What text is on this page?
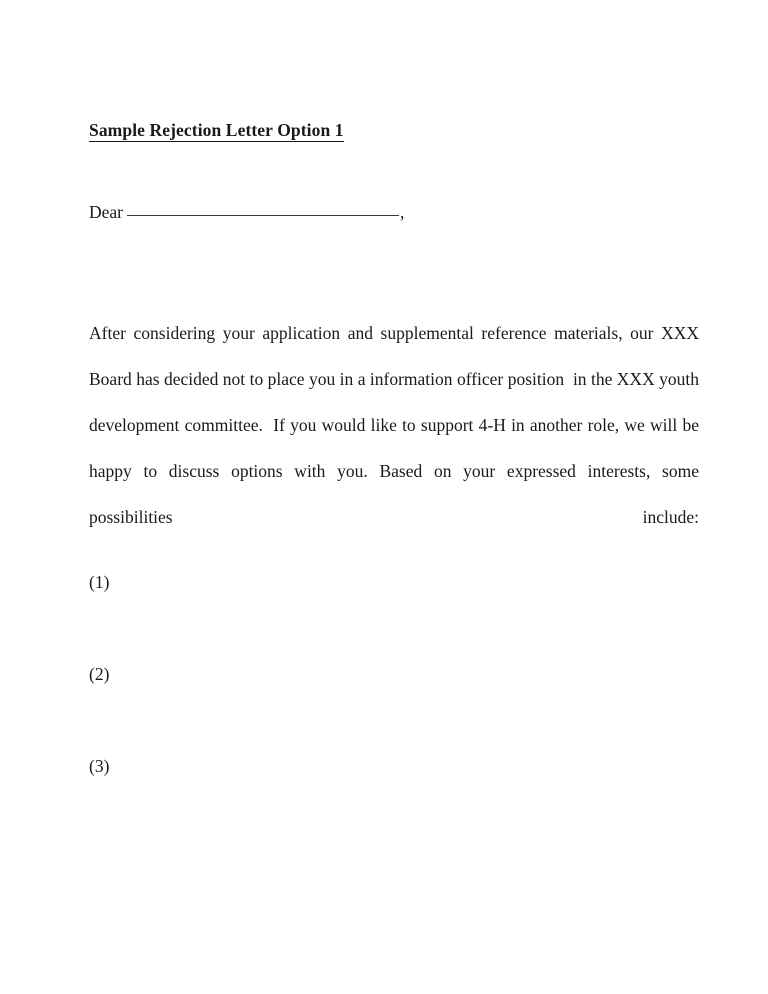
Sample Rejection Letter Option 1
Dear	,

After considering your application and supplemental reference materials, our XXX Board has decided not to place you in a information officer position  in the XXX youth development committee.  If you would like to support 4-H in another role, we will be happy to discuss options with you. Based on your expressed interests, some possibilities include:

(1)
(2)
(3)
